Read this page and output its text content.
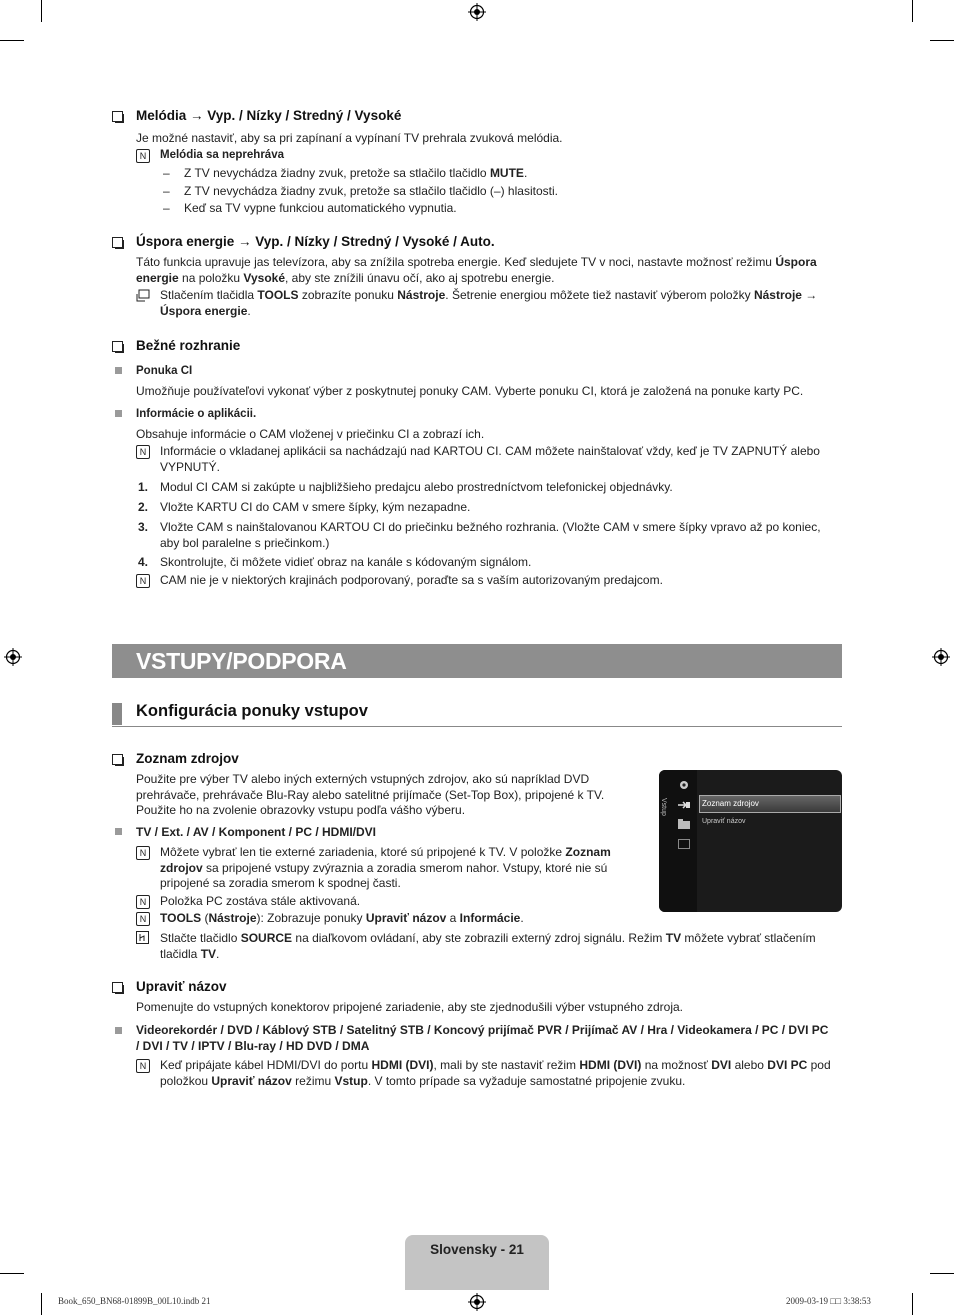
Melódia → Vyp. / Nízky / Stredný / Vysoké
Je možné nastaviť, aby sa pri zapínaní a vypínaní TV prehrala zvuková melódia.
N	Melódia sa neprehráva
– Z TV nevychádza žiadny zvuk, pretože sa stlačilo tlačidlo MUTE.
– Z TV nevychádza žiadny zvuk, pretože sa stlačilo tlačidlo (–) hlasitosti.
– Keď sa TV vypne funkciou automatického vypnutia.
Úspora energie → Vyp. / Nízky / Stredný / Vysoké / Auto.
Táto funkcia upravuje jas televízora, aby sa znížila spotreba energie. Keď sledujete TV v noci, nastavte možnosť režimu Úspora
energie na položku Vysoké, aby ste znížili únavu očí, ako aj spotrebu energie.
Stlačením tlačidla TOOLS zobrazíte ponuku Nástroje. Šetrenie energiou môžete tiež nastaviť výberom položky Nástroje →
Úspora energie.
Bežné rozhranie
Ponuka CI
Umožňuje používateľovi vykonať výber z poskytnutej ponuky CAM. Vyberte ponuku CI, ktorá je založená na ponuke karty PC.
Informácie o aplikácii.
Obsahuje informácie o CAM vloženej v priečinku CI a zobrazí ich.
N	Informácie o vkladanej aplikácii sa nachádzajú nad KARTOU CI. CAM môžete nainštalovať vždy, keď je TV ZAPNUTÝ alebo
VYPNUTÝ.
1. Modul CI CAM si zakúpte u najbližšieho predajcu alebo prostredníctvom telefonickej objednávky.
2. Vložte KARTU CI do CAM v smere šípky, kým nezapadne.
3. Vložte CAM s nainštalovanou KARTOU CI do priečinku bežného rozhrania. (Vložte CAM v smere šípky vpravo až po koniec,
aby bol paralelne s priečinkom.)
4. Skontrolujte, či môžete vidieť obraz na kanále s kódovaným signálom.
N	CAM nie je v niektorých krajinách podporovaný, poraďte sa s vaším autorizovaným predajcom.
VSTUPY/PODPORA
Konfigurácia ponuky vstupov
Zoznam zdrojov
Použite pre výber TV alebo iných externých vstupných zdrojov, ako sú napríklad DVD
prehrávače, prehrávače Blu-Ray alebo satelitné prijímače (Set-Top Box), pripojené k TV.
Použite ho na zvolenie obrazovky vstupu podľa vášho výberu.
TV / Ext. / AV / Komponent / PC / HDMI/DVI
N	Môžete vybrať len tie externé zariadenia, ktoré sú pripojené k TV. V položke Zoznam
zdrojov sa pripojené vstupy zvýraznia a zoradia smerom nahor. Vstupy, ktoré nie sú
pripojené sa zoradia smerom k spodnej časti.
N	Položka PC zostáva stále aktivovaná.
N	TOOLS (Nástroje): Zobrazuje ponuky Upraviť názov a Informácie.
Stlačte tlačidlo SOURCE na diaľkovom ovládaní, aby ste zobrazili externý zdroj signálu. Režim TV môžete vybrať stlačením
tlačidla TV.
Vstup	Zoznam zdrojov
Upraviť názov
Upraviť názov
Pomenujte do vstupných konektorov pripojené zariadenie, aby ste zjednodušili výber vstupného zdroja.
Videorekordér / DVD / Káblový STB / Satelitný STB / Koncový prijímač PVR / Prijímač AV / Hra / Videokamera / PC / DVI PC
/ DVI / TV / IPTV / Blu-ray / HD DVD / DMA
N	Keď pripájate kábel HDMI/DVI do portu HDMI (DVI), mali by ste nastaviť režim HDMI (DVI) na možnosť DVI alebo DVI PC pod
položkou Upraviť názov režimu Vstup. V tomto prípade sa vyžaduje samostatné pripojenie zvuku.
Slovensky - 21
Book_650_BN68-01899B_00L10.indb 21	2009-03-19 □□ 3:38:53
